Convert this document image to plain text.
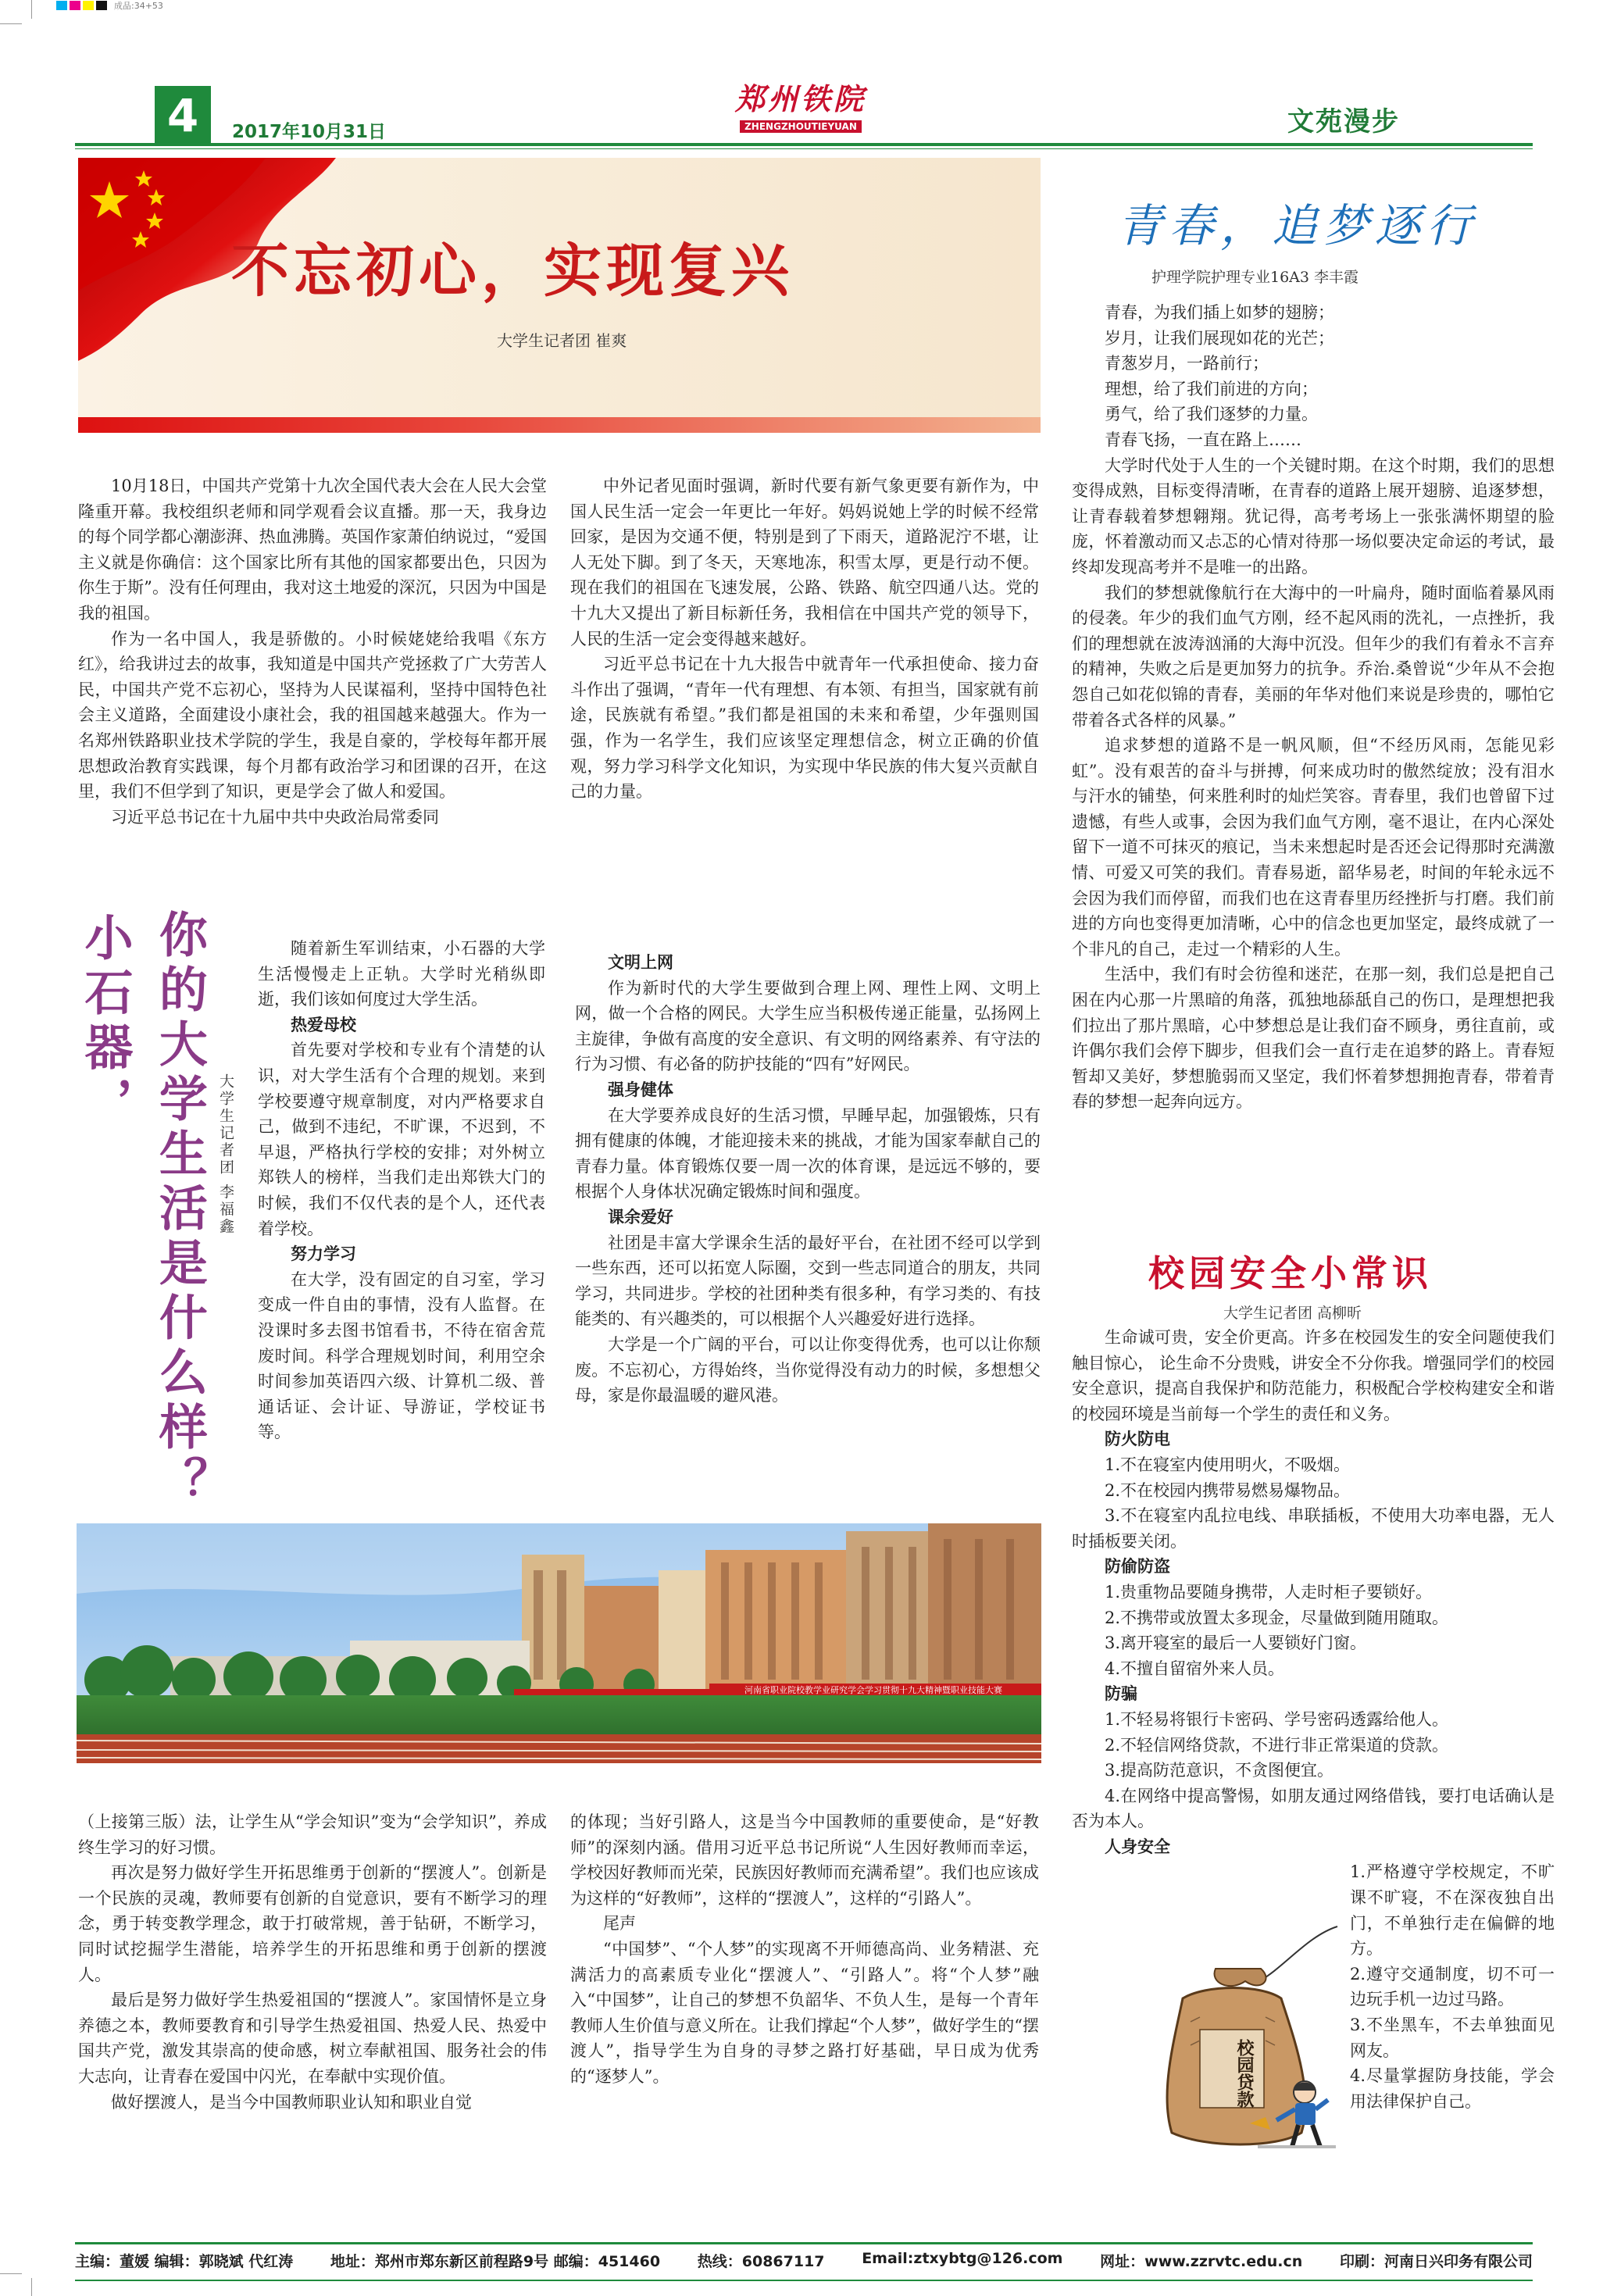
成品:34+53
4	2017年10月31日
郑州铁院
ZHENGZHOUTIEYUAN	文苑漫步
不忘初心，实现复兴
大学生记者团 崔爽

10月18日，中国共产党第十九次全国代表大会在人民大会堂隆重开幕。我校组织老师和同学观看会议直播。那一天，我身边的每个同学都心潮澎湃、热血沸腾。英国作家萧伯纳说过，“爱国主义就是你确信：这个国家比所有其他的国家都要出色，只因为你生于斯”。没有任何理由，我对这土地爱的深沉，只因为中国是我的祖国。

作为一名中国人，我是骄傲的。小时候姥姥给我唱《东方红》，给我讲过去的故事，我知道是中国共产党拯救了广大劳苦人民，中国共产党不忘初心，坚持为人民谋福利，坚持中国特色社会主义道路，全面建设小康社会，我的祖国越来越强大。作为一名郑州铁路职业技术学院的学生，我是自豪的，学校每年都开展思想政治教育实践课，每个月都有政治学习和团课的召开，在这里，我们不但学到了知识，更是学会了做人和爱国。

习近平总书记在十九届中共中央政治局常委同

中外记者见面时强调，新时代要有新气象更要有新作为，中国人民生活一定会一年更比一年好。妈妈说她上学的时候不经常回家，是因为交通不便，特别是到了下雨天，道路泥泞不堪，让人无处下脚。到了冬天，天寒地冻，积雪太厚，更是行动不便。现在我们的祖国在飞速发展，公路、铁路、航空四通八达。党的十九大又提出了新目标新任务，我相信在中国共产党的领导下，人民的生活一定会变得越来越好。

习近平总书记在十九大报告中就青年一代承担使命、接力奋斗作出了强调，“青年一代有理想、有本领、有担当，国家就有前途，民族就有希望。”我们都是祖国的未来和希望，少年强则国强，作为一名学生，我们应该坚定理想信念，树立正确的价值观，努力学习科学文化知识，为实现中华民族的伟大复兴贡献自己的力量。

小石器， 你的大学生活是什么样？ 大学生记者团 李福鑫

随着新生军训结束，小石器的大学生活慢慢走上正轨。大学时光稍纵即逝，我们该如何度过大学生活。

热爱母校

首先要对学校和专业有个清楚的认识，对大学生活有个合理的规划。来到学校要遵守规章制度，对内严格要求自己，做到不违纪，不旷课，不迟到，不早退，严格执行学校的安排；对外树立郑铁人的榜样，当我们走出郑铁大门的时候，我们不仅代表的是个人，还代表着学校。

努力学习

在大学，没有固定的自习室，学习变成一件自由的事情，没有人监督。在没课时多去图书馆看书，不待在宿舍荒废时间。科学合理规划时间，利用空余时间参加英语四六级、计算机二级、普通话证、会计证、导游证，学校证书等。

文明上网

作为新时代的大学生要做到合理上网、理性上网、文明上网，做一个合格的网民。大学生应当积极传递正能量，弘扬网上主旋律，争做有高度的安全意识、有文明的网络素养、有守法的行为习惯、有必备的防护技能的“四有”好网民。

强身健体

在大学要养成良好的生活习惯，早睡早起，加强锻炼，只有拥有健康的体魄，才能迎接未来的挑战，才能为国家奉献自己的青春力量。体育锻炼仅要一周一次的体育课，是远远不够的，要根据个人身体状况确定锻炼时间和强度。

课余爱好

社团是丰富大学课余生活的最好平台，在社团不经可以学到一些东西，还可以拓宽人际圈，交到一些志同道合的朋友，共同学习，共同进步。学校的社团种类有很多种，有学习类的、有技能类的、有兴趣类的，可以根据个人兴趣爱好进行选择。

大学是一个广阔的平台，可以让你变得优秀，也可以让你颓废。不忘初心，方得始终，当你觉得没有动力的时候，多想想父母，家是你最温暖的避风港。

青春，追梦逐行
护理学院护理专业16A3 李丰霞

青春，为我们插上如梦的翅膀；

岁月，让我们展现如花的光芒；

青葱岁月，一路前行；

理想，给了我们前进的方向；

勇气，给了我们逐梦的力量。

青春飞扬，一直在路上……

大学时代处于人生的一个关键时期。在这个时期，我们的思想变得成熟，目标变得清晰，在青春的道路上展开翅膀、追逐梦想，让青春载着梦想翱翔。犹记得，高考考场上一张张满怀期望的脸庞，怀着激动而又忐忑的心情对待那一场似要决定命运的考试，最终却发现高考并不是唯一的出路。

我们的梦想就像航行在大海中的一叶扁舟，随时面临着暴风雨的侵袭。年少的我们血气方刚，经不起风雨的洗礼，一点挫折，我们的理想就在波涛汹涌的大海中沉没。但年少的我们有着永不言弃的精神，失败之后是更加努力的抗争。乔治.桑曾说“少年从不会抱怨自己如花似锦的青春，美丽的年华对他们来说是珍贵的，哪怕它带着各式各样的风暴。”

追求梦想的道路不是一帆风顺，但“不经历风雨，怎能见彩虹”。没有艰苦的奋斗与拼搏，何来成功时的傲然绽放；没有泪水与汗水的铺垫，何来胜利时的灿烂笑容。青春里，我们也曾留下过遗憾，有些人或事，会因为我们血气方刚，毫不退让，在内心深处留下一道不可抹灭的痕记，当未来想起时是否还会记得那时充满激情、可爱又可笑的我们。青春易逝，韶华易老，时间的年轮永远不会因为我们而停留，而我们也在这青春里历经挫折与打磨。我们前进的方向也变得更加清晰，心中的信念也更加坚定，最终成就了一个非凡的自己，走过一个精彩的人生。

生活中，我们有时会彷徨和迷茫，在那一刻，我们总是把自己困在内心那一片黑暗的角落，孤独地舔舐自己的伤口，是理想把我们拉出了那片黑暗，心中梦想总是让我们奋不顾身，勇往直前，或许偶尔我们会停下脚步，但我们会一直行走在追梦的路上。青春短暂却又美好，梦想脆弱而又坚定，我们怀着梦想拥抱青春，带着青春的梦想一起奔向远方。

校园安全小常识
大学生记者团 高柳昕

生命诚可贵，安全价更高。许多在校园发生的安全问题使我们触目惊心， 论生命不分贵贱，讲安全不分你我。增强同学们的校园安全意识，提高自我保护和防范能力，积极配合学校构建安全和谐的校园环境是当前每一个学生的责任和义务。

防火防电

1.不在寝室内使用明火，不吸烟。

2.不在校园内携带易燃易爆物品。

3.不在寝室内乱拉电线、串联插板，不使用大功率电器，无人时插板要关闭。

防偷防盗

1.贵重物品要随身携带，人走时柜子要锁好。

2.不携带或放置太多现金，尽量做到随用随取。

3.离开寝室的最后一人要锁好门窗。

4.不擅自留宿外来人员。

防骗

1.不轻易将银行卡密码、学号密码透露给他人。

2.不轻信网络贷款，不进行非正常渠道的贷款。

3.提高防范意识，不贪图便宜。

4.在网络中提高警惕，如朋友通过网络借钱，要打电话确认是否为本人。

人身安全

1.严格遵守学校规定，不旷课不旷寝，不在深夜独自出门，不单独行走在偏僻的地方。

2.遵守交通制度，切不可一边玩手机一边过马路。

3.不坐黑车，不去单独面见网友。

4.尽量掌握防身技能，学会用法律保护自己。

校园贷款
河南省职业院校教学业研究学会学习贯彻十九大精神暨职业技能大赛

（上接第三版）法，让学生从“学会知识”变为“会学知识”，养成终生学习的好习惯。

再次是努力做好学生开拓思维勇于创新的“摆渡人”。创新是一个民族的灵魂，教师要有创新的自觉意识，要有不断学习的理念，勇于转变教学理念，敢于打破常规，善于钻研，不断学习，同时试挖掘学生潜能，培养学生的开拓思维和勇于创新的摆渡人。

最后是努力做好学生热爱祖国的“摆渡人”。家国情怀是立身养德之本，教师要教育和引导学生热爱祖国、热爱人民、热爱中国共产党，激发其崇高的使命感，树立奉献祖国、服务社会的伟大志向，让青春在爱国中闪光，在奉献中实现价值。

做好摆渡人，是当今中国教师职业认知和职业自觉

的体现；当好引路人，这是当今中国教师的重要使命，是“好教师”的深刻内涵。借用习近平总书记所说“人生因好教师而幸运，学校因好教师而光荣，民族因好教师而充满希望”。我们也应该成为这样的“好教师”，这样的“摆渡人”，这样的“引路人”。

尾声

“中国梦”、“个人梦”的实现离不开师德高尚、业务精湛、充满活力的高素质专业化“摆渡人”、“引路人”。将“个人梦”融入“中国梦”，让自己的梦想不负韶华、不负人生，是每一个青年教师人生价值与意义所在。让我们撑起“个人梦”，做好学生的“摆渡人”，指导学生为自身的寻梦之路打好基础，早日成为优秀的“逐梦人”。

主编：董媛 编辑：郭晓斌 代红涛	地址：郑州市郑东新区前程路9号 邮编：451460	热线：60867117	Email:ztxybtg@126.com	网址：www.zzrvtc.edu.cn	印刷：河南日兴印务有限公司
